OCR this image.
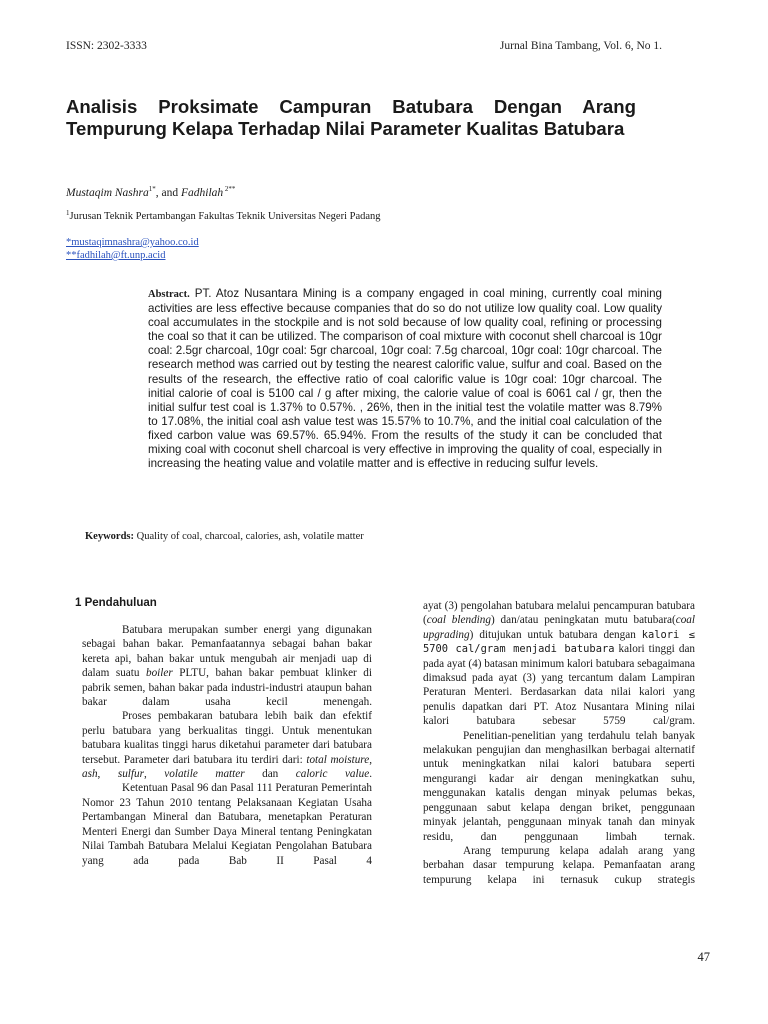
ISSN: 2302-3333	Jurnal Bina Tambang, Vol. 6, No 1.
Analisis Proksimate Campuran Batubara Dengan Arang Tempurung Kelapa Terhadap Nilai Parameter Kualitas Batubara
Mustaqim Nashra$^{1*}$, and Fadhilah $^{2**}$
$^1$Jurusan Teknik Pertambangan Fakultas Teknik Universitas Negeri Padang
*mustaqimnashra@yahoo.co.id
**fadhilah@ft.unp.acid

Abstract. PT. Atoz Nusantara Mining is a company engaged in coal mining, currently coal mining activities are less effective because companies that do so do not utilize low quality coal. Low quality coal accumulates in the stockpile and is not sold because of low quality coal, refining or processing the coal so that it can be utilized. The comparison of coal mixture with coconut shell charcoal is 10gr coal: 2.5gr charcoal, 10gr coal: 5gr charcoal, 10gr coal: 7.5g charcoal, 10gr coal: 10gr charcoal. The research method was carried out by testing the nearest calorific value, sulfur and coal. Based on the results of the research, the effective ratio of coal calorific value is 10gr coal: 10gr charcoal. The initial calorie of coal is 5100 cal / g after mixing, the calorie value of coal is 6061 cal / gr, then the initial sulfur test coal is 1.37% to 0.57%. , 26%, then in the initial test the volatile matter was 8.79% to 17.08%, the initial coal ash value test was 15.57% to 10.7%, and the initial coal calculation of the fixed carbon value was 69.57%. 65.94%. From the results of the study it can be concluded that mixing coal with coconut shell charcoal is very effective in improving the quality of coal, especially in increasing the heating value and volatile matter and is effective in reducing sulfur levels.

Keywords: Quality of coal, charcoal, calories, ash, volatile matter
1 Pendahuluan

Batubara merupakan sumber energi yang digunakan sebagai bahan bakar. Pemanfaatannya sebagai bahan bakar kereta api, bahan bakar untuk mengubah air menjadi uap di dalam suatu boiler PLTU, bahan bakar pembuat klinker di pabrik semen, bahan bakar pada industri-industri ataupun bahan bakar dalam usaha kecil menengah.

Proses pembakaran batubara lebih baik dan efektif perlu batubara yang berkualitas tinggi. Untuk menentukan batubara kualitas tinggi harus diketahui parameter dari batubara tersebut. Parameter dari batubara itu terdiri dari: total moisture, ash, sulfur, volatile matter dan caloric value.

Ketentuan Pasal 96 dan Pasal 111 Peraturan Pemerintah Nomor 23 Tahun 2010 tentang Pelaksanaan Kegiatan Usaha Pertambangan Mineral dan Batubara, menetapkan Peraturan Menteri Energi dan Sumber Daya Mineral tentang Peningkatan Nilai Tambah Batubara Melalui Kegiatan Pengolahan Batubara yang ada pada Bab II Pasal 4

ayat (3) pengolahan batubara melalui pencampuran batubara (coal blending) dan/atau peningkatan mutu batubara(coal upgrading) ditujukan untuk batubara dengan kalori ≤ 5700 cal/gram menjadi batubara kalori tinggi dan pada ayat (4) batasan minimum kalori batubara sebagaimana dimaksud pada ayat (3) yang tercantum dalam Lampiran Peraturan Menteri. Berdasarkan data nilai kalori yang penulis dapatkan dari PT. Atoz Nusantara Mining nilai kalori batubara sebesar 5759 cal/gram.

Penelitian-penelitian yang terdahulu telah banyak melakukan pengujian dan menghasilkan berbagai alternatif untuk meningkatkan nilai kalori batubara seperti mengurangi kadar air dengan meningkatkan suhu, menggunakan katalis dengan minyak pelumas bekas, penggunaan sabut kelapa dengan briket, penggunaan minyak jelantah, penggunaan minyak tanah dan minyak residu, dan penggunaan limbah ternak.

Arang tempurung kelapa adalah arang yang berbahan dasar tempurung kelapa. Pemanfaatan arang tempurung kelapa ini ternasuk cukup strategis

47
